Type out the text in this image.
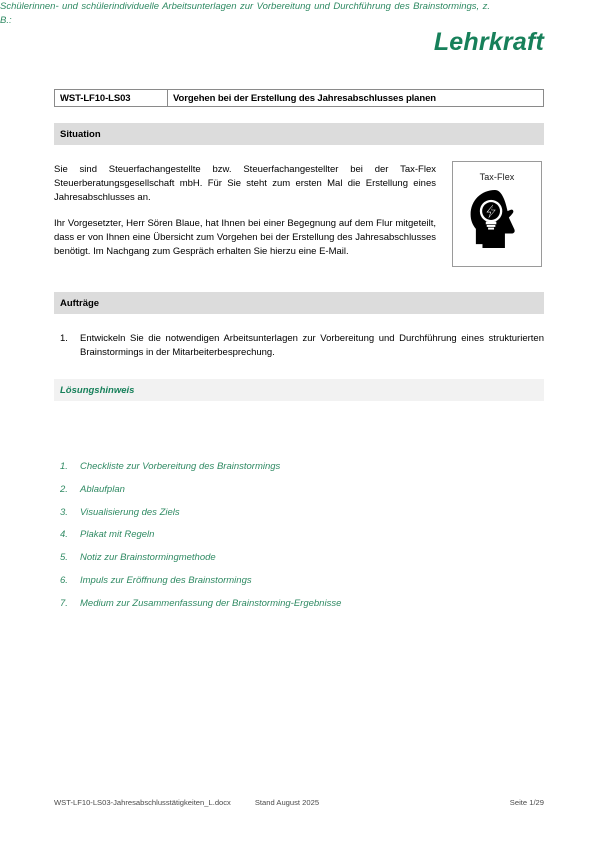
Lehrkraft
WST-LF10-LS03	Vorgehen bei der Erstellung des Jahresabschlusses planen
Situation

Sie sind Steuerfachangestellte bzw. Steuerfachangestellter bei der Tax-Flex Steuerberatungsgesellschaft mbH. Für Sie steht zum ersten Mal die Erstellung eines Jahresabschlusses an.

Ihr Vorgesetzter, Herr Sören Blaue, hat Ihnen bei einer Begegnung auf dem Flur mitgeteilt, dass er von Ihnen eine Übersicht zum Vorgehen bei der Erstellung des Jahresabschlusses benötigt. Im Nachgang zum Gespräch erhalten Sie hierzu eine E-Mail.

Tax-Flex
Aufträge
1. Entwickeln Sie die notwendigen Arbeitsunterlagen zur Vorbereitung und Durchführung eines strukturierten Brainstormings in der Mitarbeiterbesprechung.
Lösungshinweis
Schülerinnen- und schülerindividuelle Arbeitsunterlagen zur Vorbereitung und Durchführung des Brainstormings, z. B.:
1. Checkliste zur Vorbereitung des Brainstormings
2. Ablaufplan
3. Visualisierung des Ziels
4. Plakat mit Regeln
5. Notiz zur Brainstormingmethode
6. Impuls zur Eröffnung des Brainstormings
7. Medium zur Zusammenfassung der Brainstorming-Ergebnisse
WST-LF10-LS03-Jahresabschlusstätigkeiten_L.docx	Stand August 2025	Seite 1/29
